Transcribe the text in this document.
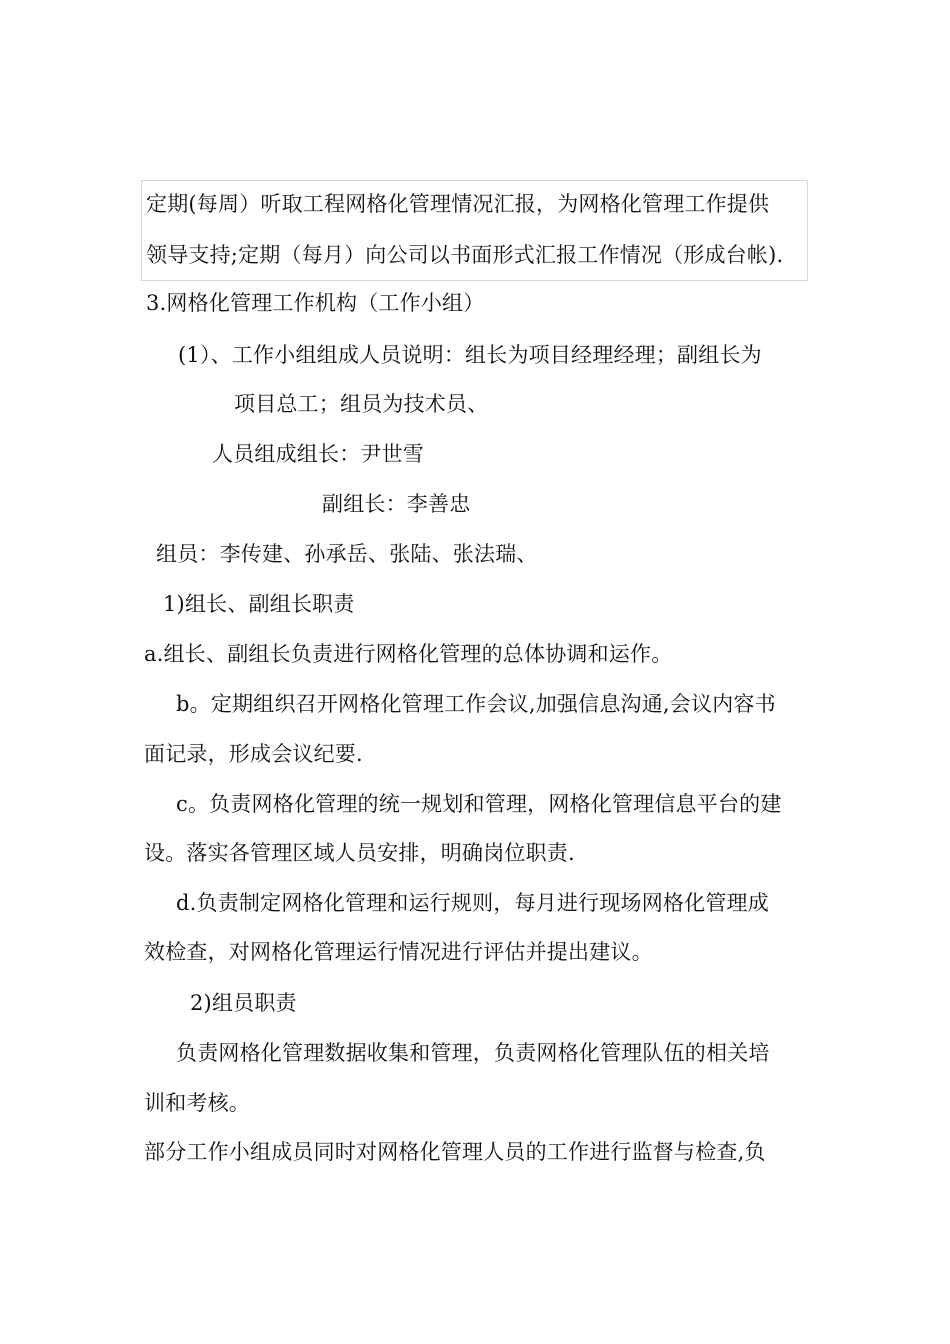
定期(每周）听取工程网格化管理情况汇报，为网格化管理工作提供
领导支持;定期（每月）向公司以书面形式汇报工作情况（形成台帐).
3.网格化管理工作机构（工作小组）
(1）、工作小组组成人员说明：组长为项目经理经理；副组长为
项目总工；组员为技术员、
人员组成组长：尹世雪
副组长：李善忠
组员：李传建、孙承岳、张陆、张法瑞、
1)组长、副组长职责
a.组长、副组长负责进行网格化管理的总体协调和运作。
b。定期组织召开网格化管理工作会议,加强信息沟通,会议内容书
面记录，形成会议纪要.
c。负责网格化管理的统一规划和管理，网格化管理信息平台的建
设。落实各管理区域人员安排，明确岗位职责.
d.负责制定网格化管理和运行规则，每月进行现场网格化管理成
效检查，对网格化管理运行情况进行评估并提出建议。
2)组员职责
负责网格化管理数据收集和管理，负责网格化管理队伍的相关培
训和考核。
部分工作小组成员同时对网格化管理人员的工作进行监督与检查,负
